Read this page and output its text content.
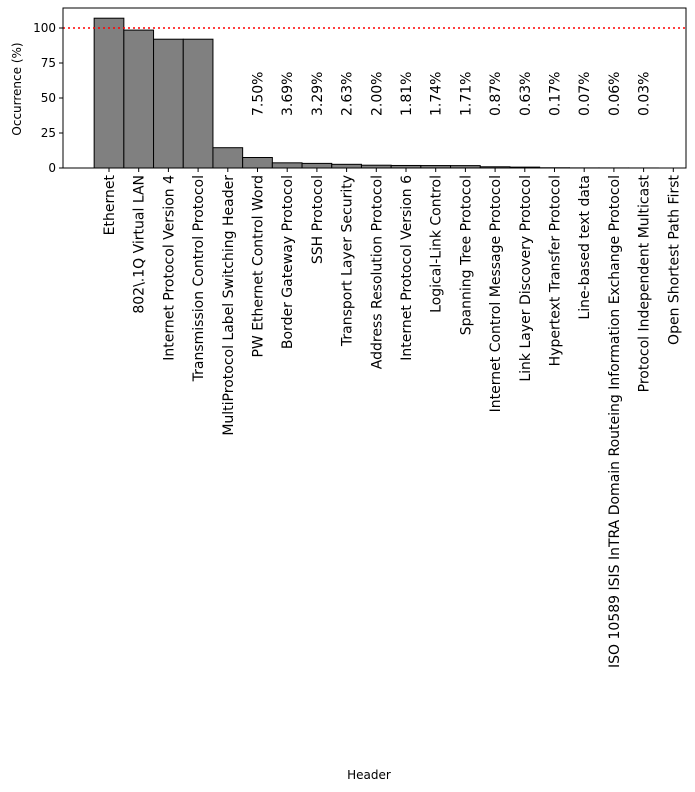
7.50% 3.69% 3.29% 2.63% 2.00% 1.81% 1.74% 1.71% 0.87% 0.63% 0.17% 0.07% 0.06% 0.03%
0
25
50
75
100
Ethernet 802\.1Q Virtual LAN Internet Protocol Version 4 Transmission Control Protocol MultiProtocol Label Switching Header PW Ethernet Control Word Border Gateway Protocol SSH Protocol Transport Layer Security Address Resolution Protocol Internet Protocol Version 6 Logical-Link Control Spanning Tree Protocol Internet Control Message Protocol Link Layer Discovery Protocol Hypertext Transfer Protocol Line-based text data ISO 10589 ISIS InTRA Domain Routeing Information Exchange Protocol Protocol Independent Multicast Open Shortest Path First
Occurrence (%)
Header
